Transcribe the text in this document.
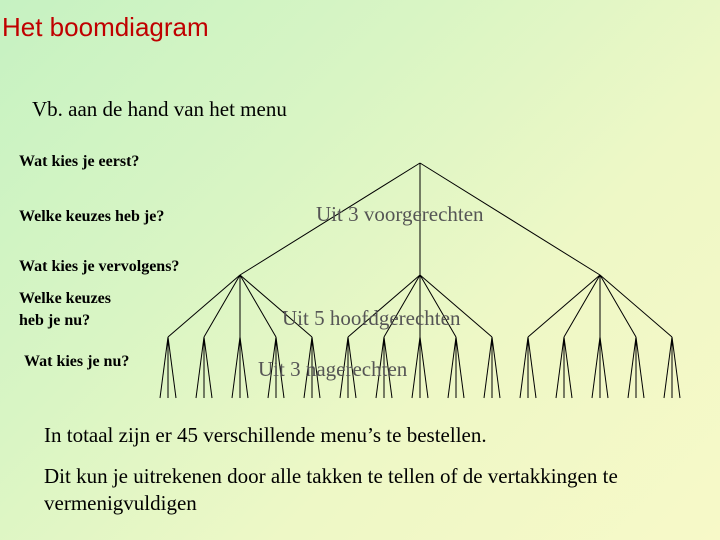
Het boomdiagram
Vb. aan de hand van het menu
Wat kies je eerst?
Welke keuzes heb je?
Wat kies je vervolgens?
Welke keuzes heb je nu?
Wat kies je nu?
Uit 3 voorgerechten
Uit 5 hoofdgerechten
Uit 3 nagerechten
In totaal zijn er 45 verschillende menu’s te bestellen.
Dit kun je uitrekenen door alle takken te tellen of de vertakkingen te vermenigvuldigen
